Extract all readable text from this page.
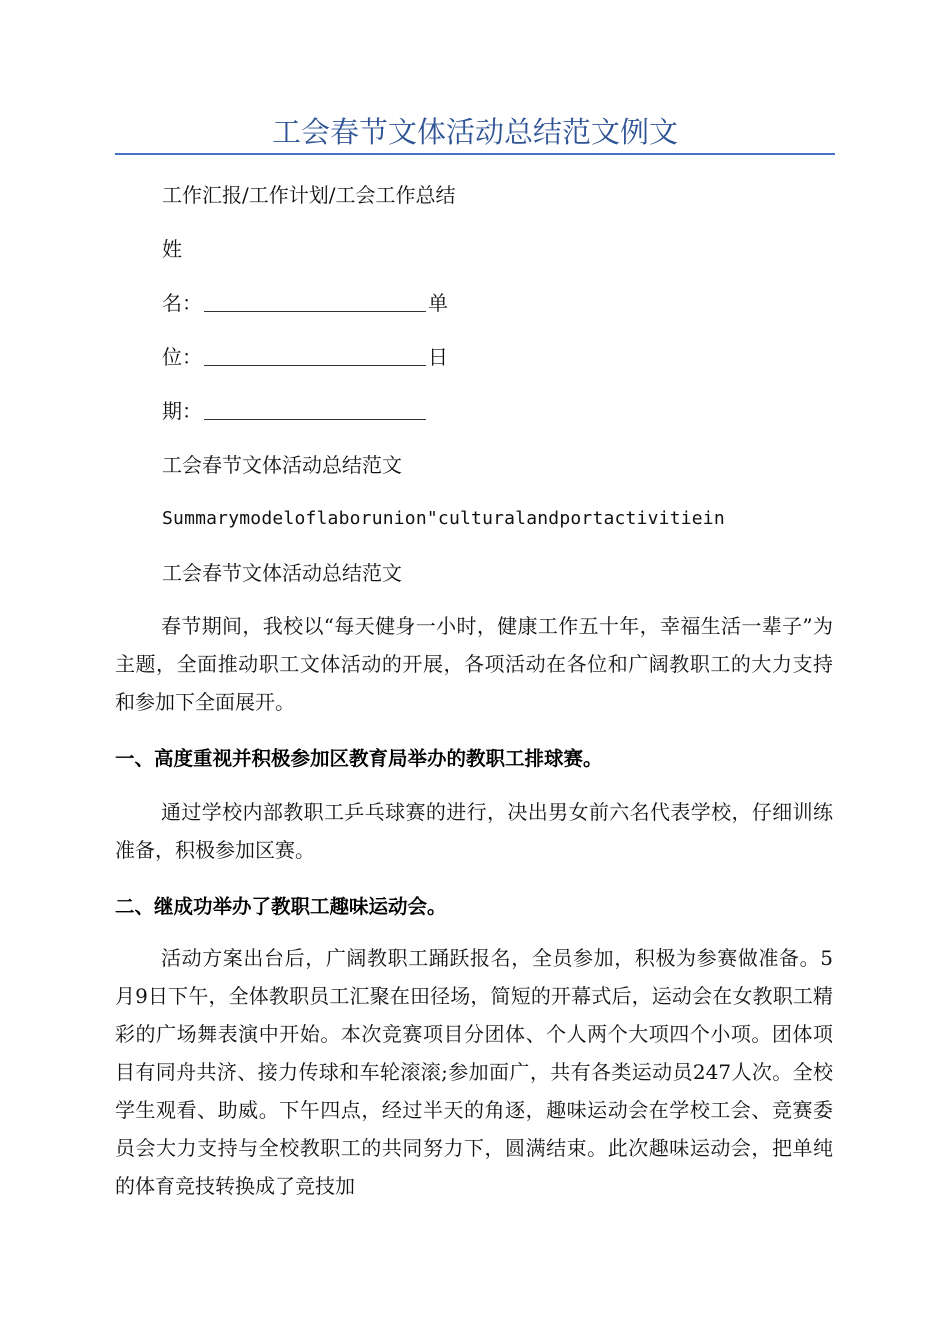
工会春节文体活动总结范文例文
工作汇报/工作计划/工会工作总结
姓
名：	单
位：	日
期：
工会春节文体活动总结范文
Summarymodeloflaborunion"culturalandportactivitiein
工会春节文体活动总结范文
春节期间，我校以“每天健身一小时，健康工作五十年，幸福生活一辈子”为主题，全面推动职工文体活动的开展，各项活动在各位和广阔教职工的大力支持和参加下全面展开。
一、高度重视并积极参加区教育局举办的教职工排球赛。
通过学校内部教职工乒乓球赛的进行，决出男女前六名代表学校，仔细训练准备，积极参加区赛。
二、继成功举办了教职工趣味运动会。
活动方案出台后，广阔教职工踊跃报名，全员参加，积极为参赛做准备。5月9日下午，全体教职员工汇聚在田径场，简短的开幕式后，运动会在女教职工精彩的广场舞表演中开始。本次竞赛项目分团体、个人两个大项四个小项。团体项目有同舟共济、接力传球和车轮滚滚;参加面广，共有各类运动员247人次。全校学生观看、助威。下午四点，经过半天的角逐，趣味运动会在学校工会、竞赛委员会大力支持与全校教职工的共同努力下，圆满结束。此次趣味运动会，把单纯的体育竞技转换成了竞技加
